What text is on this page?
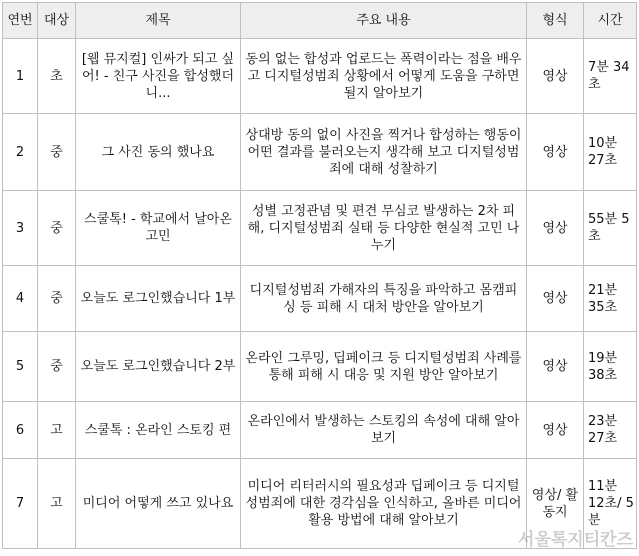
연번	대상	제목	주요 내용	형식	시간
1	초	[웹 뮤지컬] 인싸가 되고 싶어! - 친구 사진을 합성했더니...	동의 없는 합성과 업로드는 폭력이라는 점을 배우고 디지털성범죄 상황에서 어떻게 도움을 구하면 될지 알아보기	영상	7분 34초
2	중	그 사진 동의 했나요	상대방 동의 없이 사진을 찍거나 합성하는 행동이 어떤 결과를 불러오는지 생각해 보고 디지털성범죄에 대해 성찰하기	영상	10분 27초
3	중	스쿨톡! - 학교에서 날아온 고민	성별 고정관념 및 편견 무심코 발생하는 2차 피해, 디지털성범죄 실태 등 다양한 현실적 고민 나누기	영상	55분 5초
4	중	오늘도 로그인했습니다 1부	디지털성범죄 가해자의 특징을 파악하고 몸캠피싱 등 피해 시 대처 방안을 알아보기	영상	21분 35초
5	중	오늘도 로그인했습니다 2부	온라인 그루밍, 딥페이크 등 디지털성범죄 사례를 통해 피해 시 대응 및 지원 방안 알아보기	영상	19분 38초
6	고	스쿨톡 : 온라인 스토킹 편	온라인에서 발생하는 스토킹의 속성에 대해 알아보기	영상	23분 27초
7	고	미디어 어떻게 쓰고 있나요	미디어 리터러시의 필요성과 딥페이크 등 디지털성범죄에 대한 경각심을 인식하고, 올바른 미디어 활용 방법에 대해 알아보기	영상/ 활동지	11분 12초/ 5분
서울톡지티칸즈
